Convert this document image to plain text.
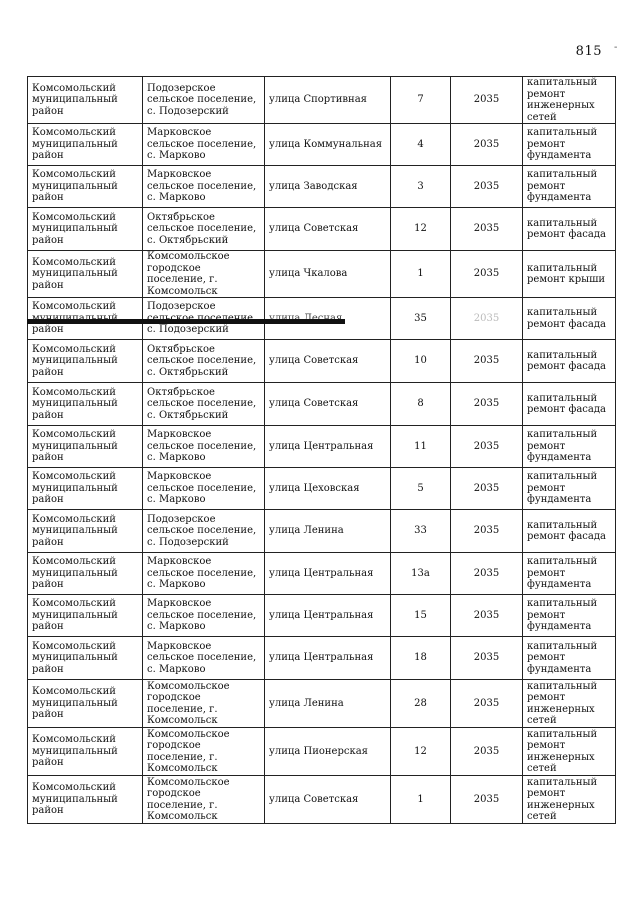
815 -
Комсомольский муниципальный район	Подозерское сельское поселение, с. Подозерский	улица Спортивная	7	2035	капитальный ремонт инженерных сетей
Комсомольский муниципальный район	Марковское сельское поселение, с. Марково	улица Коммунальная	4	2035	капитальный ремонт фундамента
Комсомольский муниципальный район	Марковское сельское поселение, с. Марково	улица Заводская	3	2035	капитальный ремонт фундамента
Комсомольский муниципальный район	Октябрьское сельское поселение, с. Октябрьский	улица Советская	12	2035	капитальный ремонт фасада
Комсомольский муниципальный район	Комсомольское городское поселение, г. Комсомольск	улица Чкалова	1	2035	капитальный ремонт крыши
Комсомольский район	Подозерское с. Подозерский		35	2035	капитальный ремонт фасада
Комсомольский муниципальный район	Октябрьское сельское поселение, с. Октябрьский	улица Советская	10	2035	капитальный ремонт фасада
Комсомольский муниципальный район	Октябрьское сельское поселение, с. Октябрьский	улица Советская	8	2035	капитальный ремонт фасада
Комсомольский муниципальный район	Марковское сельское поселение, с. Марково	улица Центральная	11	2035	капитальный ремонт фундамента
Комсомольский муниципальный район	Марковское сельское поселение, с. Марково	улица Цеховская	5	2035	капитальный ремонт фундамента
Комсомольский муниципальный район	Подозерское сельское поселение, с. Подозерский	улица Ленина	33	2035	капитальный ремонт фасада
Комсомольский муниципальный район	Марковское сельское поселение, с. Марково	улица Центральная	13а	2035	капитальный ремонт фундамента
Комсомольский муниципальный район	Марковское сельское поселение, с. Марково	улица Центральная	15	2035	капитальный ремонт фундамента
Комсомольский муниципальный район	Марковское сельское поселение, с. Марково	улица Центральная	18	2035	капитальный ремонт фундамента
Комсомольский муниципальный район	Комсомольское городское поселение, г. Комсомольск	улица Ленина	28	2035	капитальный ремонт инженерных сетей
Комсомольский муниципальный район	Комсомольское городское поселение, г. Комсомольск	улица Пионерская	12	2035	капитальный ремонт инженерных сетей
Комсомольский муниципальный район	Комсомольское городское поселение, г. Комсомольск	улица Советская	1	2035	капитальный ремонт инженерных сетей
